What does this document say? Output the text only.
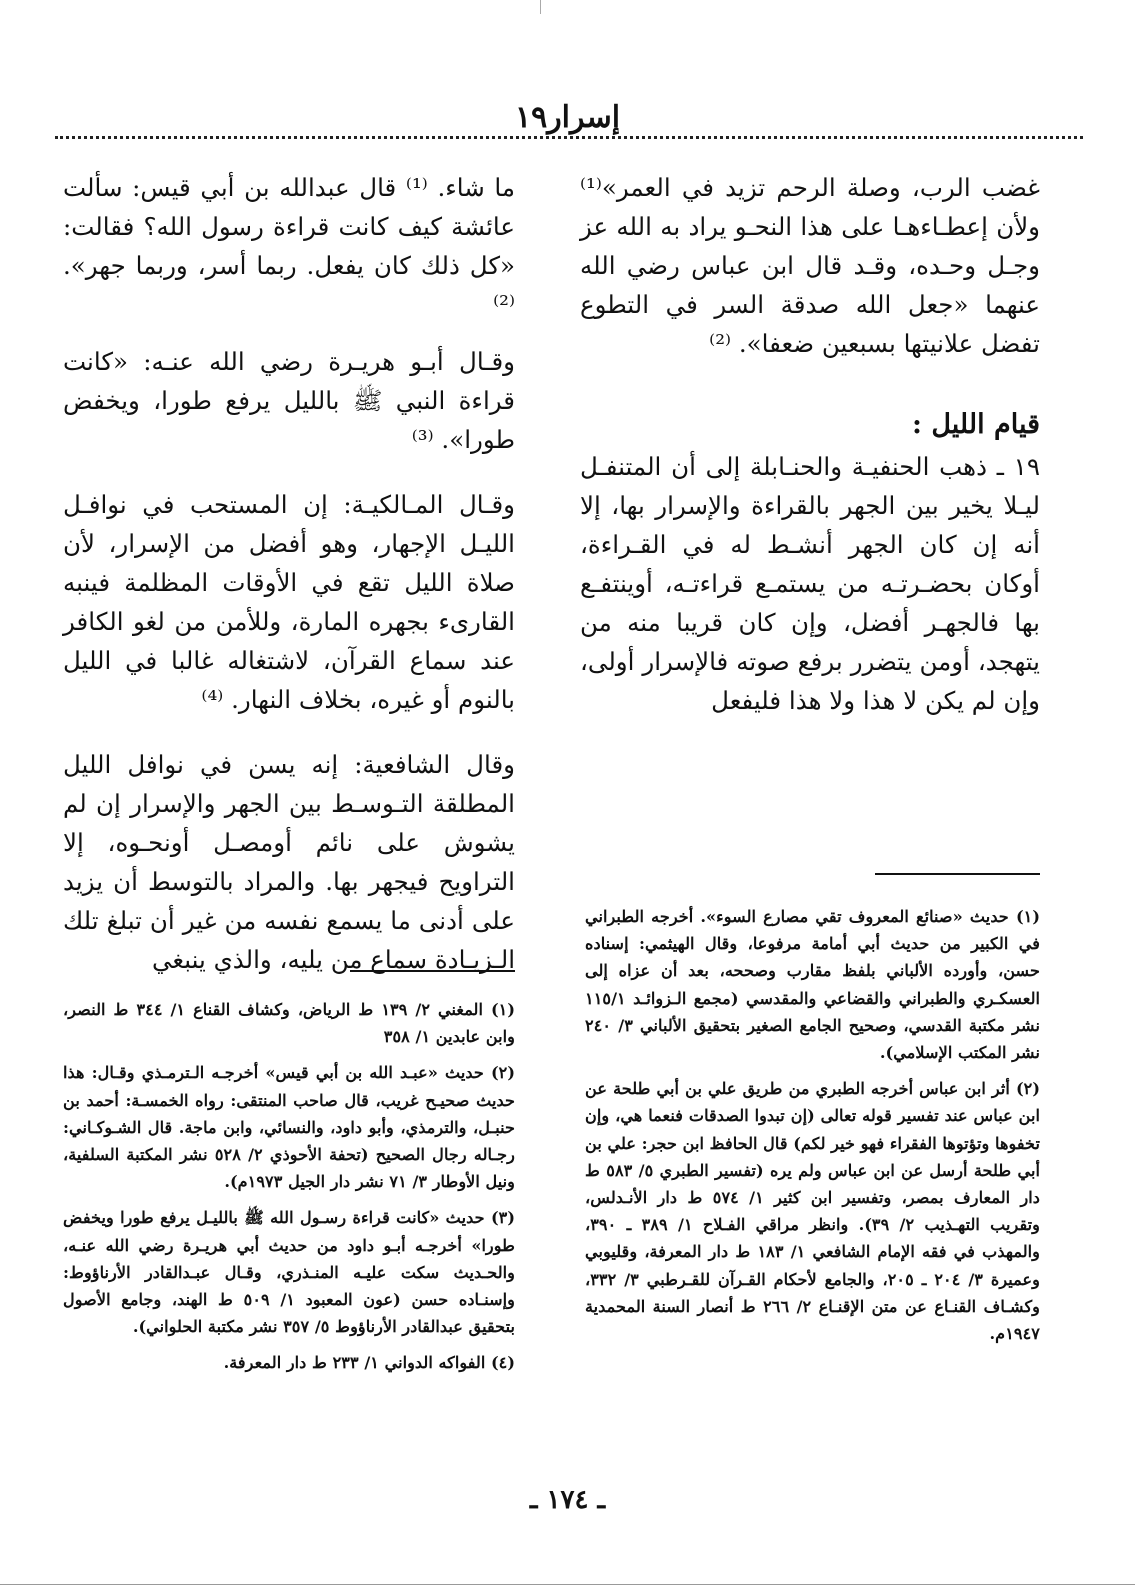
إسرار١٩

غضب الرب، وصلة الرحم تزيد في العمر»⁽¹⁾ ولأن إعطـاءهـا على هذا النحـو يراد به الله عز وجـل وحـده، وقـد قال ابن عباس رضي الله عنهما «جعل الله صدقة السر في التطوع تفضل علانيتها بسبعين ضعفا». ⁽²⁾

قيام الليل :

١٩ ـ ذهب الحنفيـة والحنـابلة إلى أن المتنفـل ليـلا يخير بين الجهر بالقراءة والإسرار بها، إلا أنه إن كان الجهر أنشـط له في القـراءة، أوكان بحضـرتـه من يستمـع قراءتـه، أوينتفـع بها فالجهـر أفضل، وإن كان قريبا منه من يتهجد، أومن يتضرر برفع صوته فالإسرار أولى، وإن لم يكن لا هذا ولا هذا فليفعل

ما شاء. ⁽¹⁾ قال عبدالله بن أبي قيس: سألت عائشة كيف كانت قراءة رسول الله؟ فقالت: «كل ذلك كان يفعل. ربما أسر، وربما جهر». ⁽²⁾

وقـال أبـو هريـرة رضي الله عنـه: «كانت قراءة النبي ﷺ بالليل يرفع طورا، ويخفض طورا». ⁽³⁾

وقـال المـالكيـة: إن المستحب في نوافـل الليـل الإجهار، وهو أفضل من الإسرار، لأن صلاة الليل تقع في الأوقات المظلمة فينبه القارىء بجهره المارة، وللأمن من لغو الكافر عند سماع القرآن، لاشتغاله غالبا في الليل بالنوم أو غيره، بخلاف النهار. ⁽⁴⁾

وقال الشافعية: إنه يسن في نوافل الليل المطلقة التـوسـط بين الجهر والإسرار إن لم يشوش على نائم أومصـل أونحـوه، إلا التراويح فيجهر بها. والمراد بالتوسط أن يزيد على أدنى ما يسمع نفسه من غير أن تبلغ تلك الـزيـادة سماع من يليه، والذي ينبغي

(١) حديث «صنائع المعروف تقي مصارع السوء». أخرجه الطبراني في الكبير من حديث أبي أمامة مرفوعا، وقال الهيثمي: إسناده حسن، وأورده الألباني بلفظ مقارب وصححه، بعد أن عزاه إلى العسكـري والطبراني والقضاعي والمقدسي (مجمع الـزوائـد ١١٥/١ نشر مكتبة القدسي، وصحيح الجامع الصغير بتحقيق الألباني ٣/ ٢٤٠ نشر المكتب الإسلامي).

(٢) أثر ابن عباس أخرجه الطبري من طريق علي بن أبي طلحة عن ابن عباس عند تفسير قوله تعالى (إن تبدوا الصدقات فنعما هي، وإن تخفوها وتؤتوها الفقراء فهو خير لكم) قال الحافظ ابن حجر: علي بن أبي طلحة أرسل عن ابن عباس ولم يره (تفسير الطبري ٥/ ٥٨٣ ط دار المعارف بمصر، وتفسير ابن كثير ١/ ٥٧٤ ط دار الأنـدلس، وتقريب التهـذيب ٢/ ٣٩). وانظر مراقي الفـلاح ١/ ٣٨٩ ـ ٣٩٠، والمهذب في فقه الإمام الشافعي ١/ ١٨٣ ط دار المعرفة، وقليوبي وعميرة ٣/ ٢٠٤ ـ ٢٠٥، والجامع لأحكام القـرآن للقـرطبي ٣/ ٣٣٢، وكشـاف القنـاع عن متن الإقنـاع ٢/ ٢٦٦ ط أنصار السنة المحمدية ١٩٤٧م.

(١) المغني ٢/ ١٣٩ ط الرياض، وكشاف القناع ١/ ٣٤٤ ط النصر، وابن عابدين ١/ ٣٥٨

(٢) حديث «عبـد الله بن أبي قيس» أخرجـه الـترمـذي وقـال: هذا حديث صحيـح غريب، قال صاحب المنتقى: رواه الخمسـة: أحمد بن حنبـل، والترمذي، وأبو داود، والنسائي، وابن ماجة. قال الشـوكـاني: رجـاله رجال الصحيح (تحفة الأحوذي ٢/ ٥٢٨ نشر المكتبة السلفية، ونيل الأوطار ٣/ ٧١ نشر دار الجيل ١٩٧٣م).

(٣) حديث «كانت قراءة رسـول الله ﷺ بالليـل يرفع طورا ويخفض طورا» أخرجـه أبـو داود من حديث أبي هريـرة رضي الله عنـه، والحـديث سكت عليـه المنـذري، وقـال عبـدالقادر الأرناؤوط: وإسنـاده حسن (عون المعبود ١/ ٥٠٩ ط الهند، وجامع الأصول بتحقيق عبدالقادر الأرناؤوط ٥/ ٣٥٧ نشر مكتبة الحلواني).

(٤) الفواكه الدواني ١/ ٢٣٣ ط دار المعرفة.

ـ ١٧٤ ـ
